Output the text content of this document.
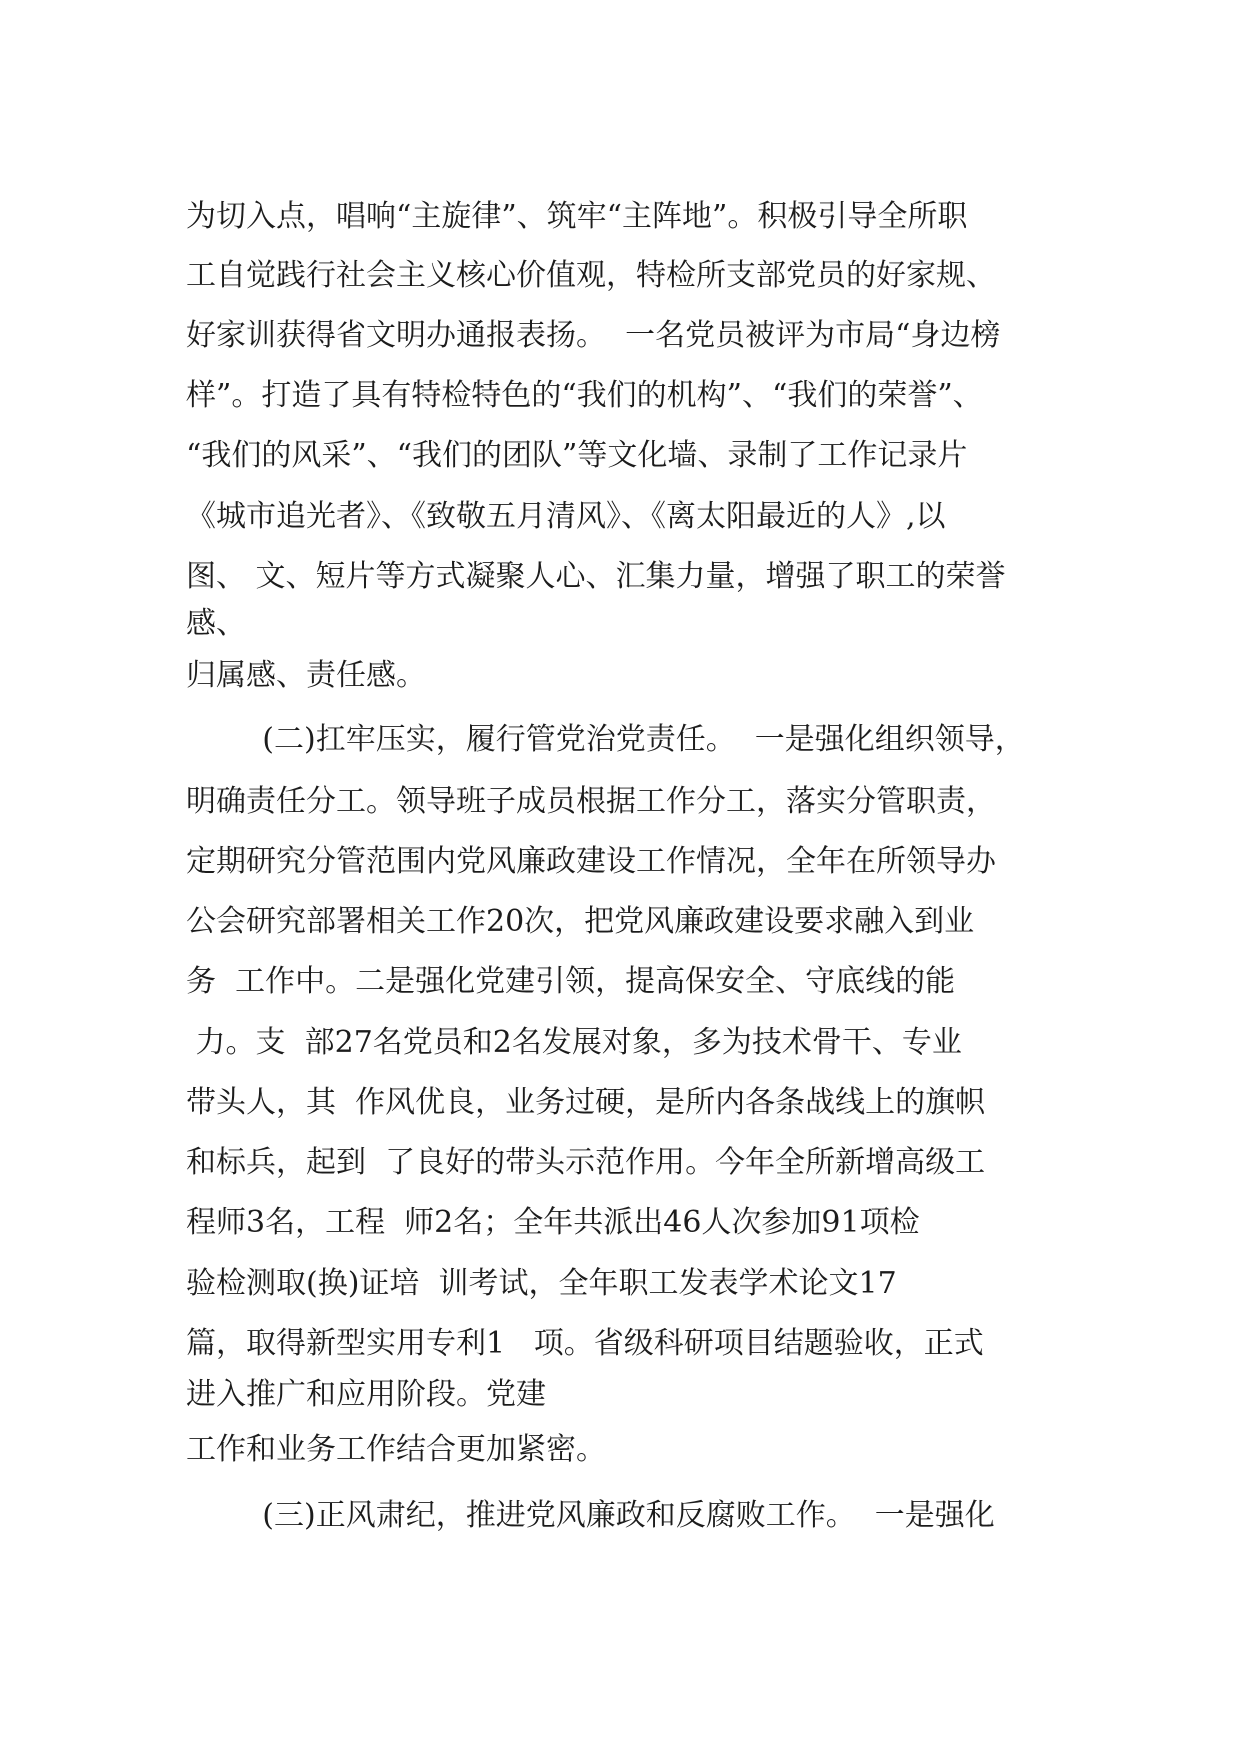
为切入点，唱响“主旋律”、筑牢“主阵地”。积极引导全所职

工自觉践行社会主义核心价值观，特检所支部党员的好家规、

好家训获得省文明办通报表扬。  一名党员被评为市局“身边榜

样”。打造了具有特检特色的“我们的机构”、“我们的荣誉”、

“我们的风采”、“我们的团队”等文化墙、录制了工作记录片

《城市追光者》、《致敬五月清风》、《离太阳最近的人》,以

图、 文、短片等方式凝聚人心、汇集力量，增强了职工的荣誉

感、

归属感、责任感。

(二)扛牢压实，履行管党治党责任。  一是强化组织领导，

明确责任分工。领导班子成员根据工作分工，落实分管职责，

定期研究分管范围内党风廉政建设工作情况，全年在所领导办

公会研究部署相关工作20次，把党风廉政建设要求融入到业

务  工作中。二是强化党建引领，提高保安全、守底线的能

力。支  部27名党员和2名发展对象，多为技术骨干、专业

带头人，其  作风优良，业务过硬，是所内各条战线上的旗帜

和标兵，起到  了良好的带头示范作用。今年全所新增高级工

程师3名，工程  师2名；全年共派出46人次参加91项检

验检测取(换)证培  训考试，全年职工发表学术论文17

篇，取得新型实用专利1   项。省级科研项目结题验收，正式

进入推广和应用阶段。党建

工作和业务工作结合更加紧密。

(三)正风肃纪，推进党风廉政和反腐败工作。  一是强化
